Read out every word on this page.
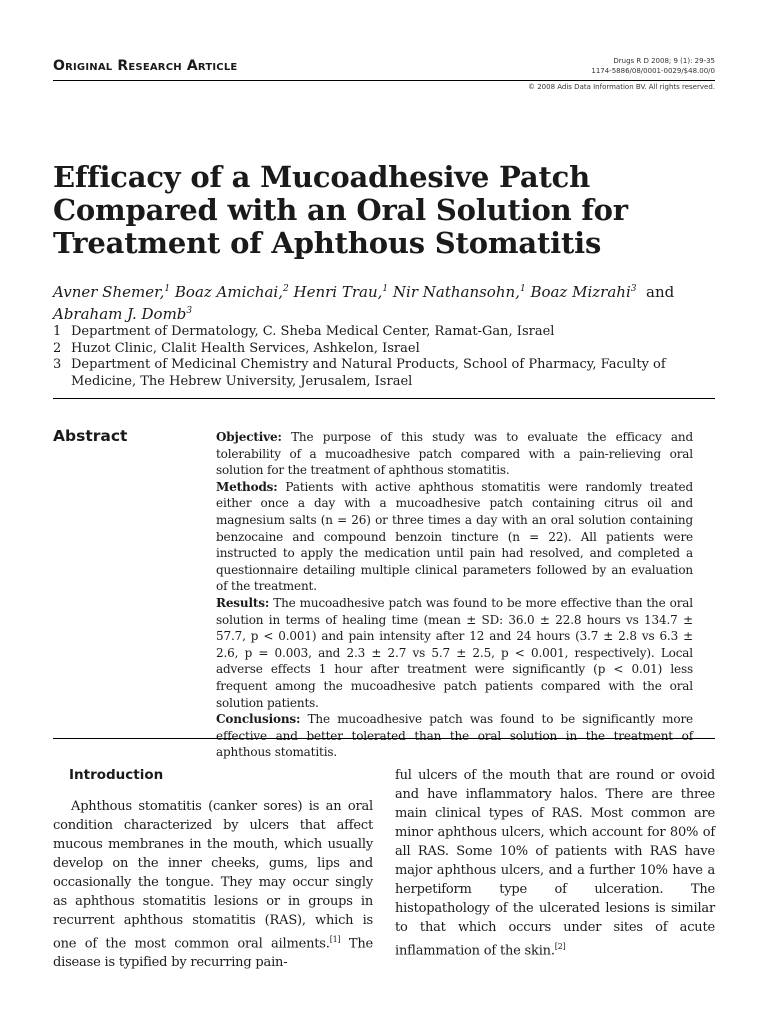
Original Research Article	Drugs R D 2008; 9 (1): 29-35
1174-5886/08/0001-0029/$48.00/0
© 2008 Adis Data Information BV. All rights reserved.
Efficacy of a Mucoadhesive Patch Compared with an Oral Solution for Treatment of Aphthous Stomatitis
Avner Shemer,$^1$ Boaz Amichai,$^2$ Henri Trau,$^1$ Nir Nathansohn,$^1$ Boaz Mizrahi$^3$  and
Abraham J. Domb$^3$
1 Department of Dermatology, C. Sheba Medical Center, Ramat-Gan, Israel
2 Huzot Clinic, Clalit Health Services, Ashkelon, Israel
3 Department of Medicinal Chemistry and Natural Products, School of Pharmacy, Faculty of Medicine, The Hebrew University, Jerusalem, Israel
Abstract	Objective: The purpose of this study was to evaluate the efficacy and tolerability of a mucoadhesive patch compared with a pain-relieving oral solution for the treatment of aphthous stomatitis.

Methods: Patients with active aphthous stomatitis were randomly treated either once a day with a mucoadhesive patch containing citrus oil and magnesium salts (n = 26) or three times a day with an oral solution containing benzocaine and compound benzoin tincture (n = 22). All patients were instructed to apply the medication until pain had resolved, and completed a questionnaire detailing multiple clinical parameters followed by an evaluation of the treatment.

Results: The mucoadhesive patch was found to be more effective than the oral solution in terms of healing time (mean ± SD: 36.0 ± 22.8 hours vs 134.7 ± 57.7, p < 0.001) and pain intensity after 12 and 24 hours (3.7 ± 2.8 vs 6.3 ± 2.6, p = 0.003, and 2.3 ± 2.7 vs 5.7 ± 2.5, p < 0.001, respectively). Local adverse effects 1 hour after treatment were significantly (p < 0.01) less frequent among the mucoadhesive patch patients compared with the oral solution patients.

Conclusions: The mucoadhesive patch was found to be significantly more effective and better tolerated than the oral solution in the treatment of aphthous stomatitis.

Introduction

Aphthous stomatitis (canker sores) is an oral condition characterized by ulcers that affect mucous membranes in the mouth, which usually develop on the inner cheeks, gums, lips and occasionally the tongue. They may occur singly as aphthous stomatitis lesions or in groups in recurrent aphthous stomatitis (RAS), which is one of the most common oral ailments.[1] The disease is typified by recurring pain-

ful ulcers of the mouth that are round or ovoid and have inflammatory halos. There are three main clinical types of RAS. Most common are minor aphthous ulcers, which account for 80% of all RAS. Some 10% of patients with RAS have major aphthous ulcers, and a further 10% have a herpetiform type of ulceration. The histopathology of the ulcerated lesions is similar to that which occurs under sites of acute inflammation of the skin.[2]
